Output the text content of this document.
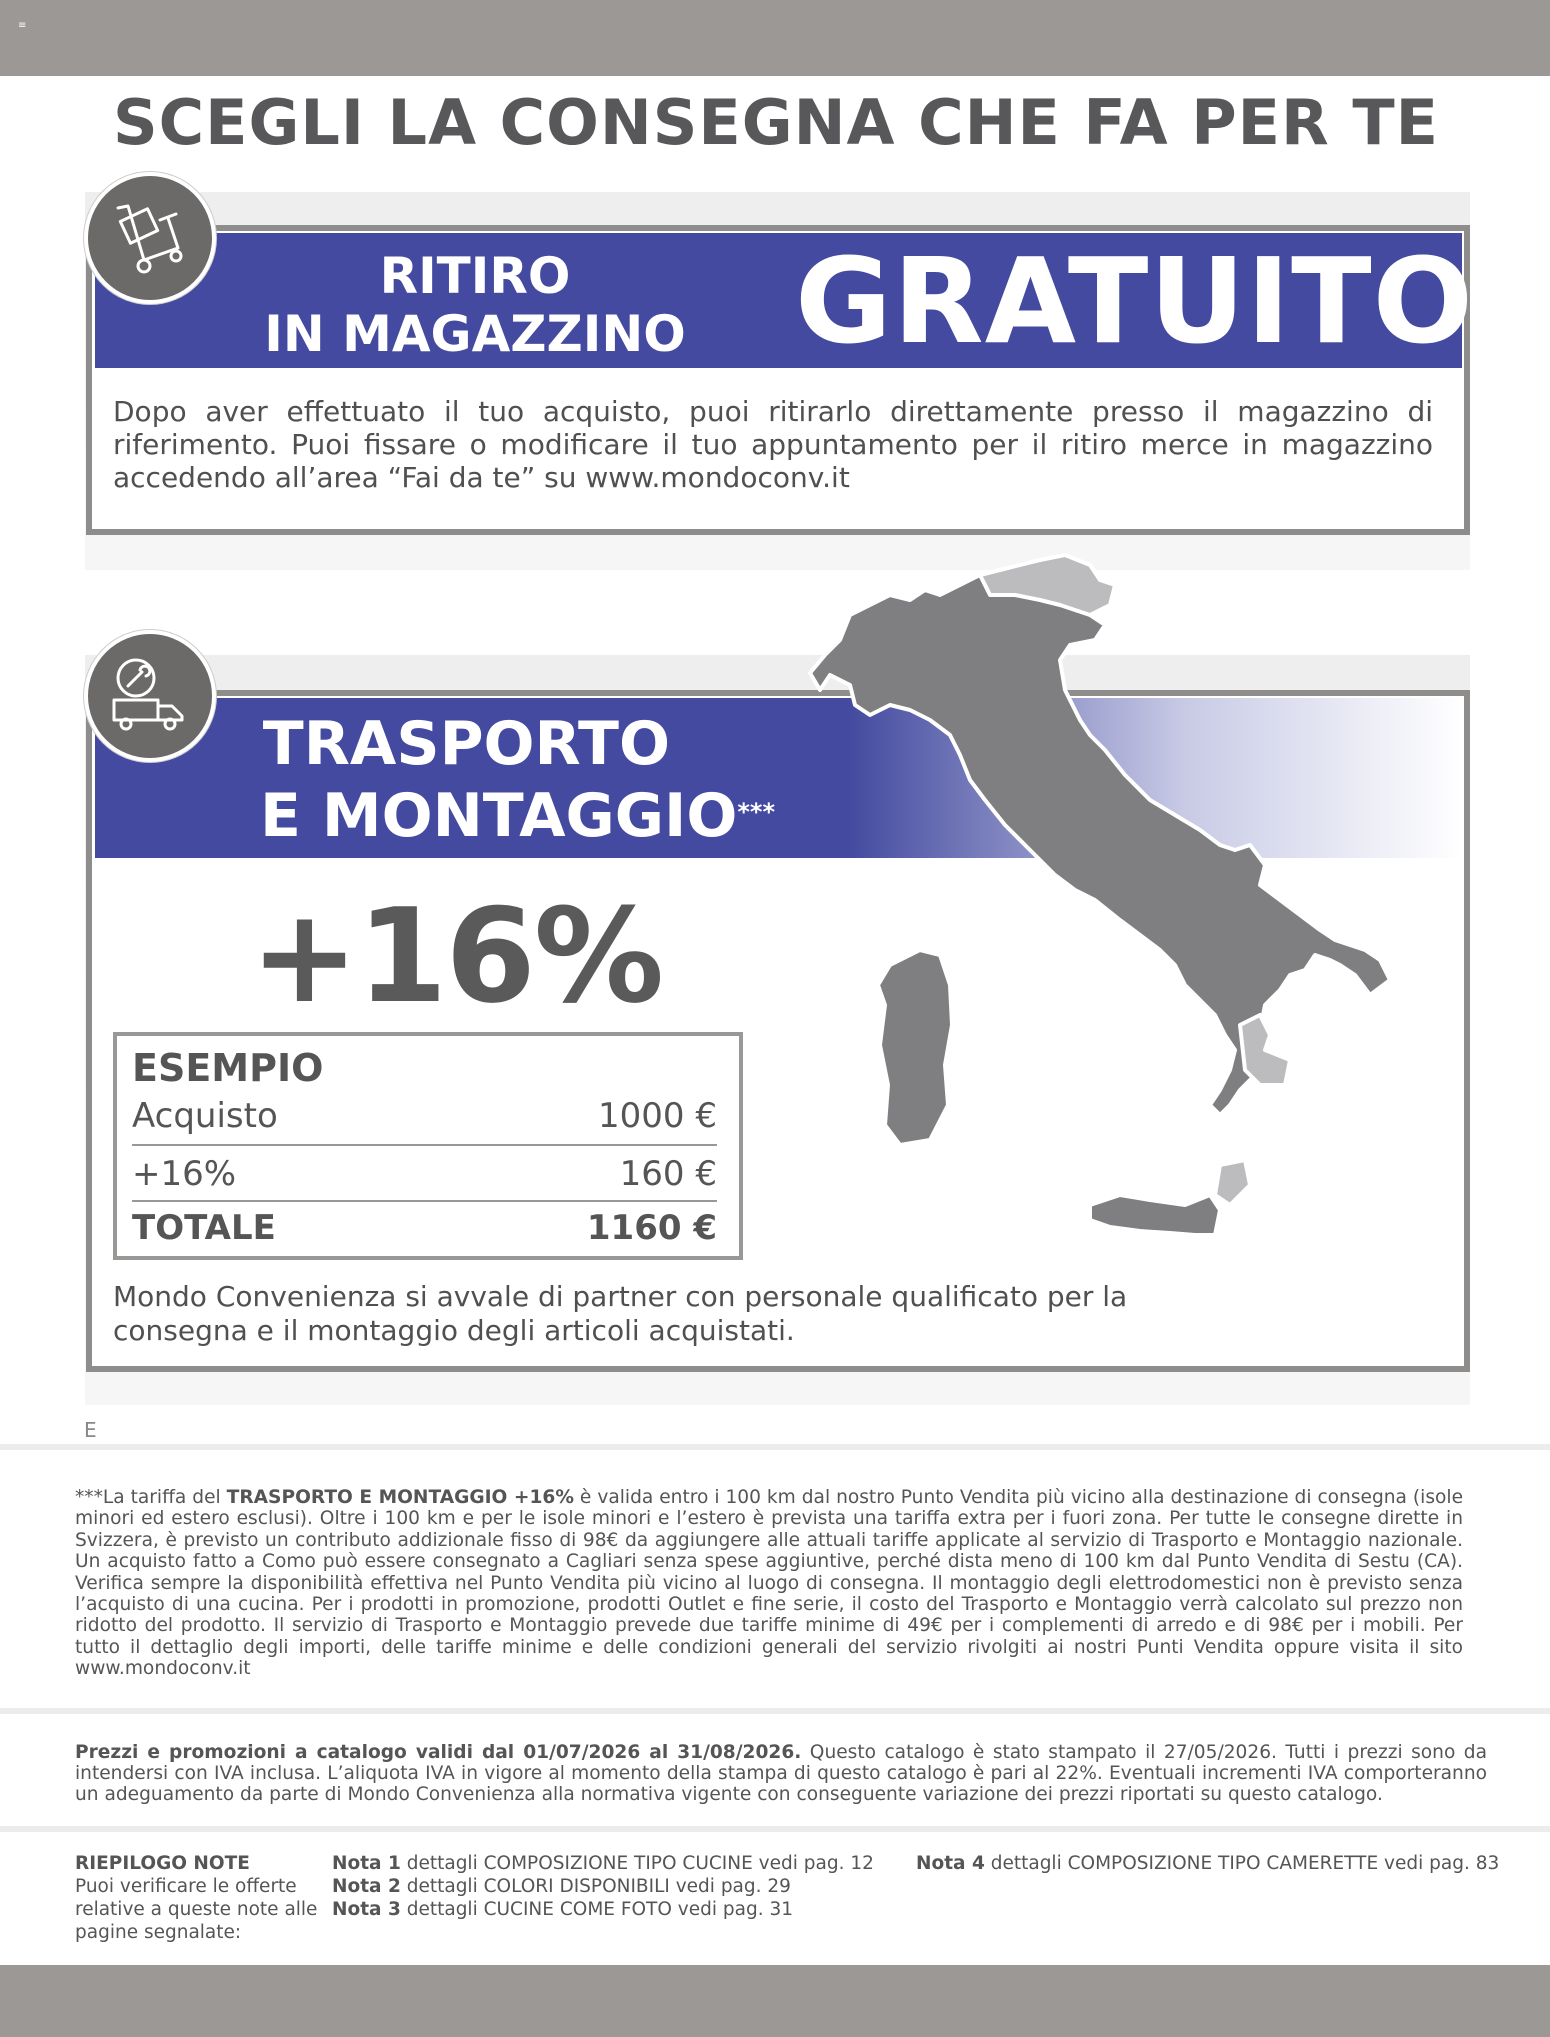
≡
SCEGLI LA CONSEGNA CHE FA PER TE
RITIRO
IN MAGAZZINO GRATUITO
Dopo aver effettuato il tuo acquisto, puoi ritirarlo direttamente presso il magazzino di riferimento. Puoi fissare o modificare il tuo appuntamento per il ritiro merce in magazzino accedendo all’area “Fai da te” su www.mondoconv.it
TRASPORTO
E MONTAGGIO***
+16%
ESEMPIO
Acquisto	1000 €
+16%	160 €
TOTALE	1160 €
Mondo Convenienza si avvale di partner con personale qualificato per la consegna e il montaggio degli articoli acquistati.
E
***La tariffa del TRASPORTO E MONTAGGIO +16% è valida entro i 100 km dal nostro Punto Vendita più vicino alla destinazione di consegna (isole minori ed estero esclusi). Oltre i 100 km e per le isole minori e l’estero è prevista una tariffa extra per i fuori zona. Per tutte le consegne dirette in Svizzera, è previsto un contributo addizionale fisso di 98€ da aggiungere alle attuali tariffe applicate al servizio di Trasporto e Montaggio nazionale. Un acquisto fatto a Como può essere consegnato a Cagliari senza spese aggiuntive, perché dista meno di 100 km dal Punto Vendita di Sestu (CA). Verifica sempre la disponibilità effettiva nel Punto Vendita più vicino al luogo di consegna. Il montaggio degli elettrodomestici non è previsto senza l’acquisto di una cucina. Per i prodotti in promozione, prodotti Outlet e fine serie, il costo del Trasporto e Montaggio verrà calcolato sul prezzo non ridotto del prodotto. Il servizio di Trasporto e Montaggio prevede due tariffe minime di 49€ per i complementi di arredo e di 98€ per i mobili. Per tutto il dettaglio degli importi, delle tariffe minime e delle condizioni generali del servizio rivolgiti ai nostri Punti Vendita oppure visita il sito www.mondoconv.it
Prezzi e promozioni a catalogo validi dal 01/07/2026 al 31/08/2026. Questo catalogo è stato stampato il 27/05/2026. Tutti i prezzi sono da intendersi con IVA inclusa. L’aliquota IVA in vigore al momento della stampa di questo catalogo è pari al 22%. Eventuali incrementi IVA comporteranno un adeguamento da parte di Mondo Convenienza alla normativa vigente con conseguente variazione dei prezzi riportati su questo catalogo.
RIEPILOGO NOTE
Puoi verificare le offerte
relative a queste note alle
pagine segnalate:
Nota 1 dettagli COMPOSIZIONE TIPO CUCINE vedi pag. 12
Nota 2 dettagli COLORI DISPONIBILI vedi pag. 29
Nota 3 dettagli CUCINE COME FOTO vedi pag. 31
Nota 4 dettagli COMPOSIZIONE TIPO CAMERETTE vedi pag. 83
